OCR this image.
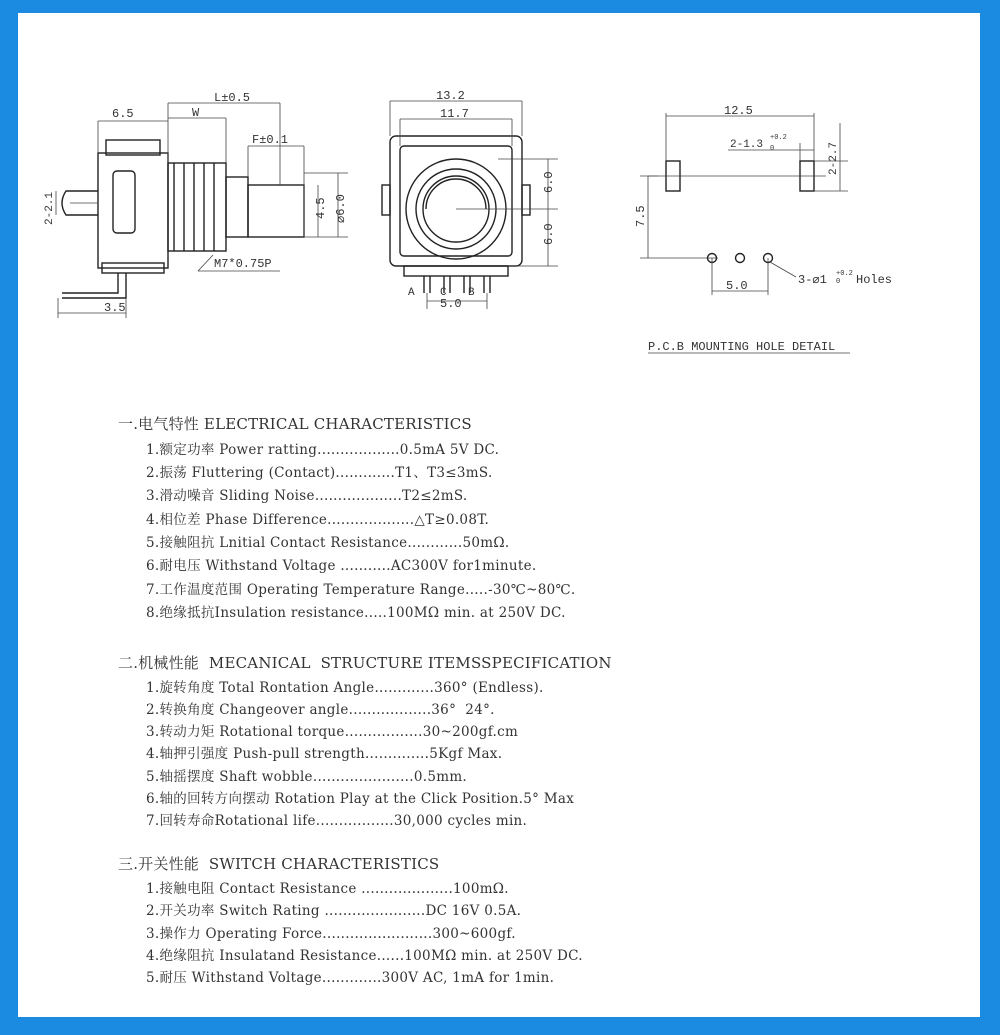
6.5
L±0.5
W
F±0.1
4.5 ⌀6.0
M7*0.75P
3.5
2-2.1
13.2
11.7
6.0
6.0
5.0
A C B
12.5
2-1.3
+0.2
0	2-2.7
7.5
5.0	3-⌀1 +0.2
0 Holes
P.C.B MOUNTING HOLE DETAIL
一.电气特性 ELECTRICAL CHARACTERISTICS
1.额定功率 Power ratting..................0.5mA 5V DC.
2.振荡 Fluttering (Contact).............T1、T3≤3mS.
3.滑动噪音 Sliding Noise...................T2≤2mS.
4.相位差 Phase Difference...................△T≥0.08T.
5.接触阻抗 Lnitial Contact Resistance............50mΩ.
6.耐电压 Withstand Voltage ...........AC300V for1minute.
7.工作温度范围 Operating Temperature Range.....-30℃~80℃.
8.绝缘抵抗Insulation resistance.....100MΩ min. at 250V DC.
二.机械性能  MECANICAL  STRUCTURE ITEMSSPECIFICATION
1.旋转角度 Total Rontation Angle.............360° (Endless).
2.转换角度 Changeover angle..................36°  24°.
3.转动力矩 Rotational torque.................30~200gf.cm
4.轴押引强度 Push-pull strength..............5Kgf Max.
5.轴摇摆度 Shaft wobble......................0.5mm.
6.轴的回转方向摆动 Rotation Play at the Click Position.5° Max
7.回转寿命Rotational life.................30,000 cycles min.
三.开关性能  SWITCH CHARACTERISTICS
1.接触电阻 Contact Resistance ....................100mΩ.
2.开关功率 Switch Rating ......................DC 16V 0.5A.
3.操作力 Operating Force........................300~600gf.
4.绝缘阻抗 Insulatand Resistance......100MΩ min. at 250V DC.
5.耐压 Withstand Voltage.............300V AC, 1mA for 1min.
